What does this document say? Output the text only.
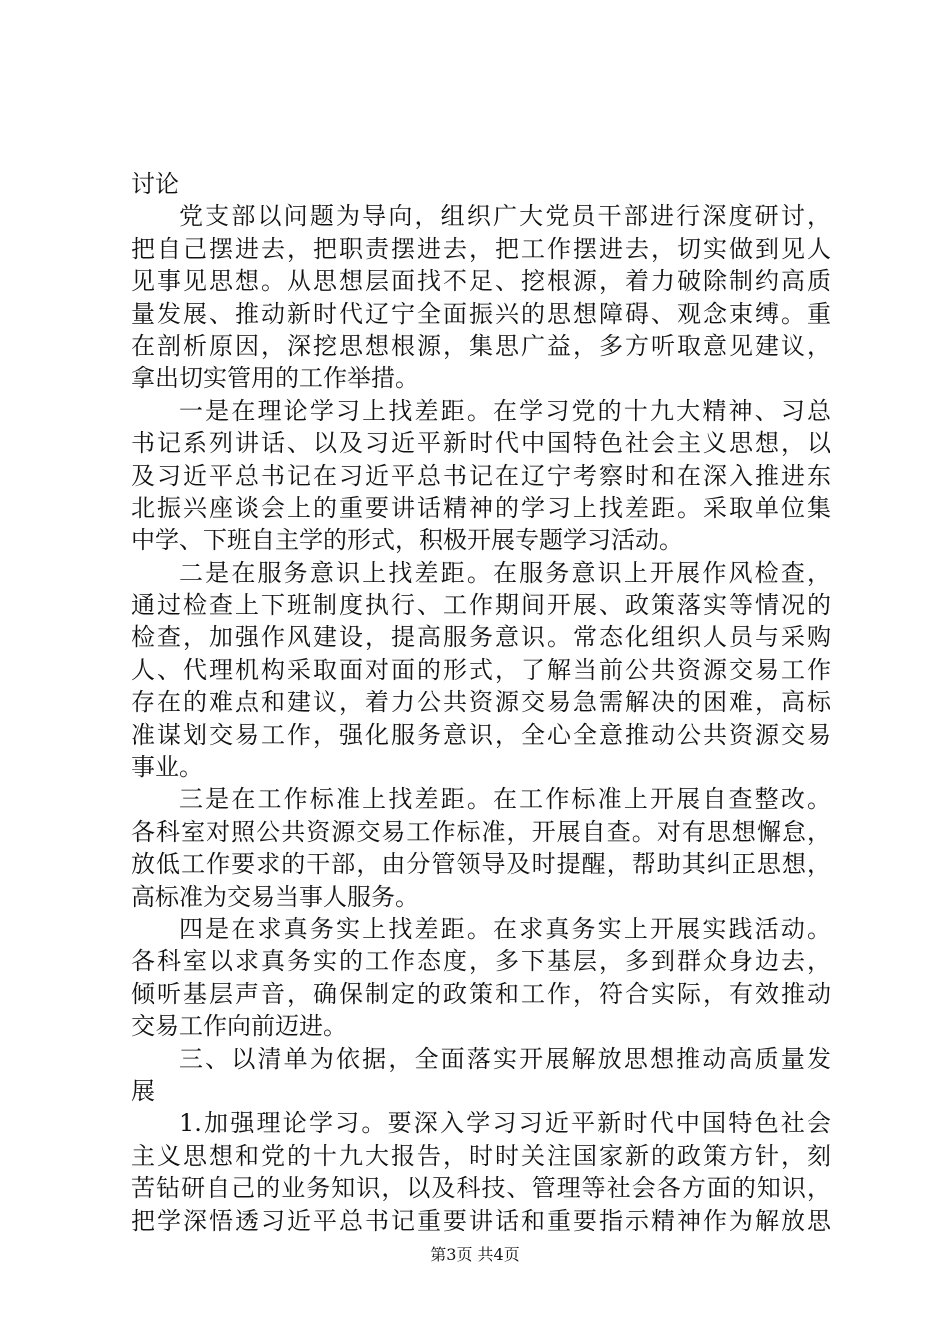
讨论
党支部以问题为导向，组织广大党员干部进行深度研讨，
把自己摆进去，把职责摆进去，把工作摆进去，切实做到见人
见事见思想。从思想层面找不足、挖根源，着力破除制约高质
量发展、推动新时代辽宁全面振兴的思想障碍、观念束缚。重
在剖析原因，深挖思想根源，集思广益，多方听取意见建议，
拿出切实管用的工作举措。
一是在理论学习上找差距。在学习党的十九大精神、习总
书记系列讲话、以及习近平新时代中国特色社会主义思想，以
及习近平总书记在习近平总书记在辽宁考察时和在深入推进东
北振兴座谈会上的重要讲话精神的学习上找差距。采取单位集
中学、下班自主学的形式，积极开展专题学习活动。
二是在服务意识上找差距。在服务意识上开展作风检查，
通过检查上下班制度执行、工作期间开展、政策落实等情况的
检查，加强作风建设，提高服务意识。常态化组织人员与采购
人、代理机构采取面对面的形式，了解当前公共资源交易工作
存在的难点和建议，着力公共资源交易急需解决的困难，高标
准谋划交易工作，强化服务意识，全心全意推动公共资源交易
事业。
三是在工作标准上找差距。在工作标准上开展自查整改。
各科室对照公共资源交易工作标准，开展自查。对有思想懈怠，
放低工作要求的干部，由分管领导及时提醒，帮助其纠正思想，
高标准为交易当事人服务。
四是在求真务实上找差距。在求真务实上开展实践活动。
各科室以求真务实的工作态度，多下基层，多到群众身边去，
倾听基层声音，确保制定的政策和工作，符合实际，有效推动
交易工作向前迈进。
三、以清单为依据，全面落实开展解放思想推动高质量发
展
1.加强理论学习。要深入学习习近平新时代中国特色社会
主义思想和党的十九大报告，时时关注国家新的政策方针，刻
苦钻研自己的业务知识，以及科技、管理等社会各方面的知识，
把学深悟透习近平总书记重要讲话和重要指示精神作为解放思
第3页 共4页
